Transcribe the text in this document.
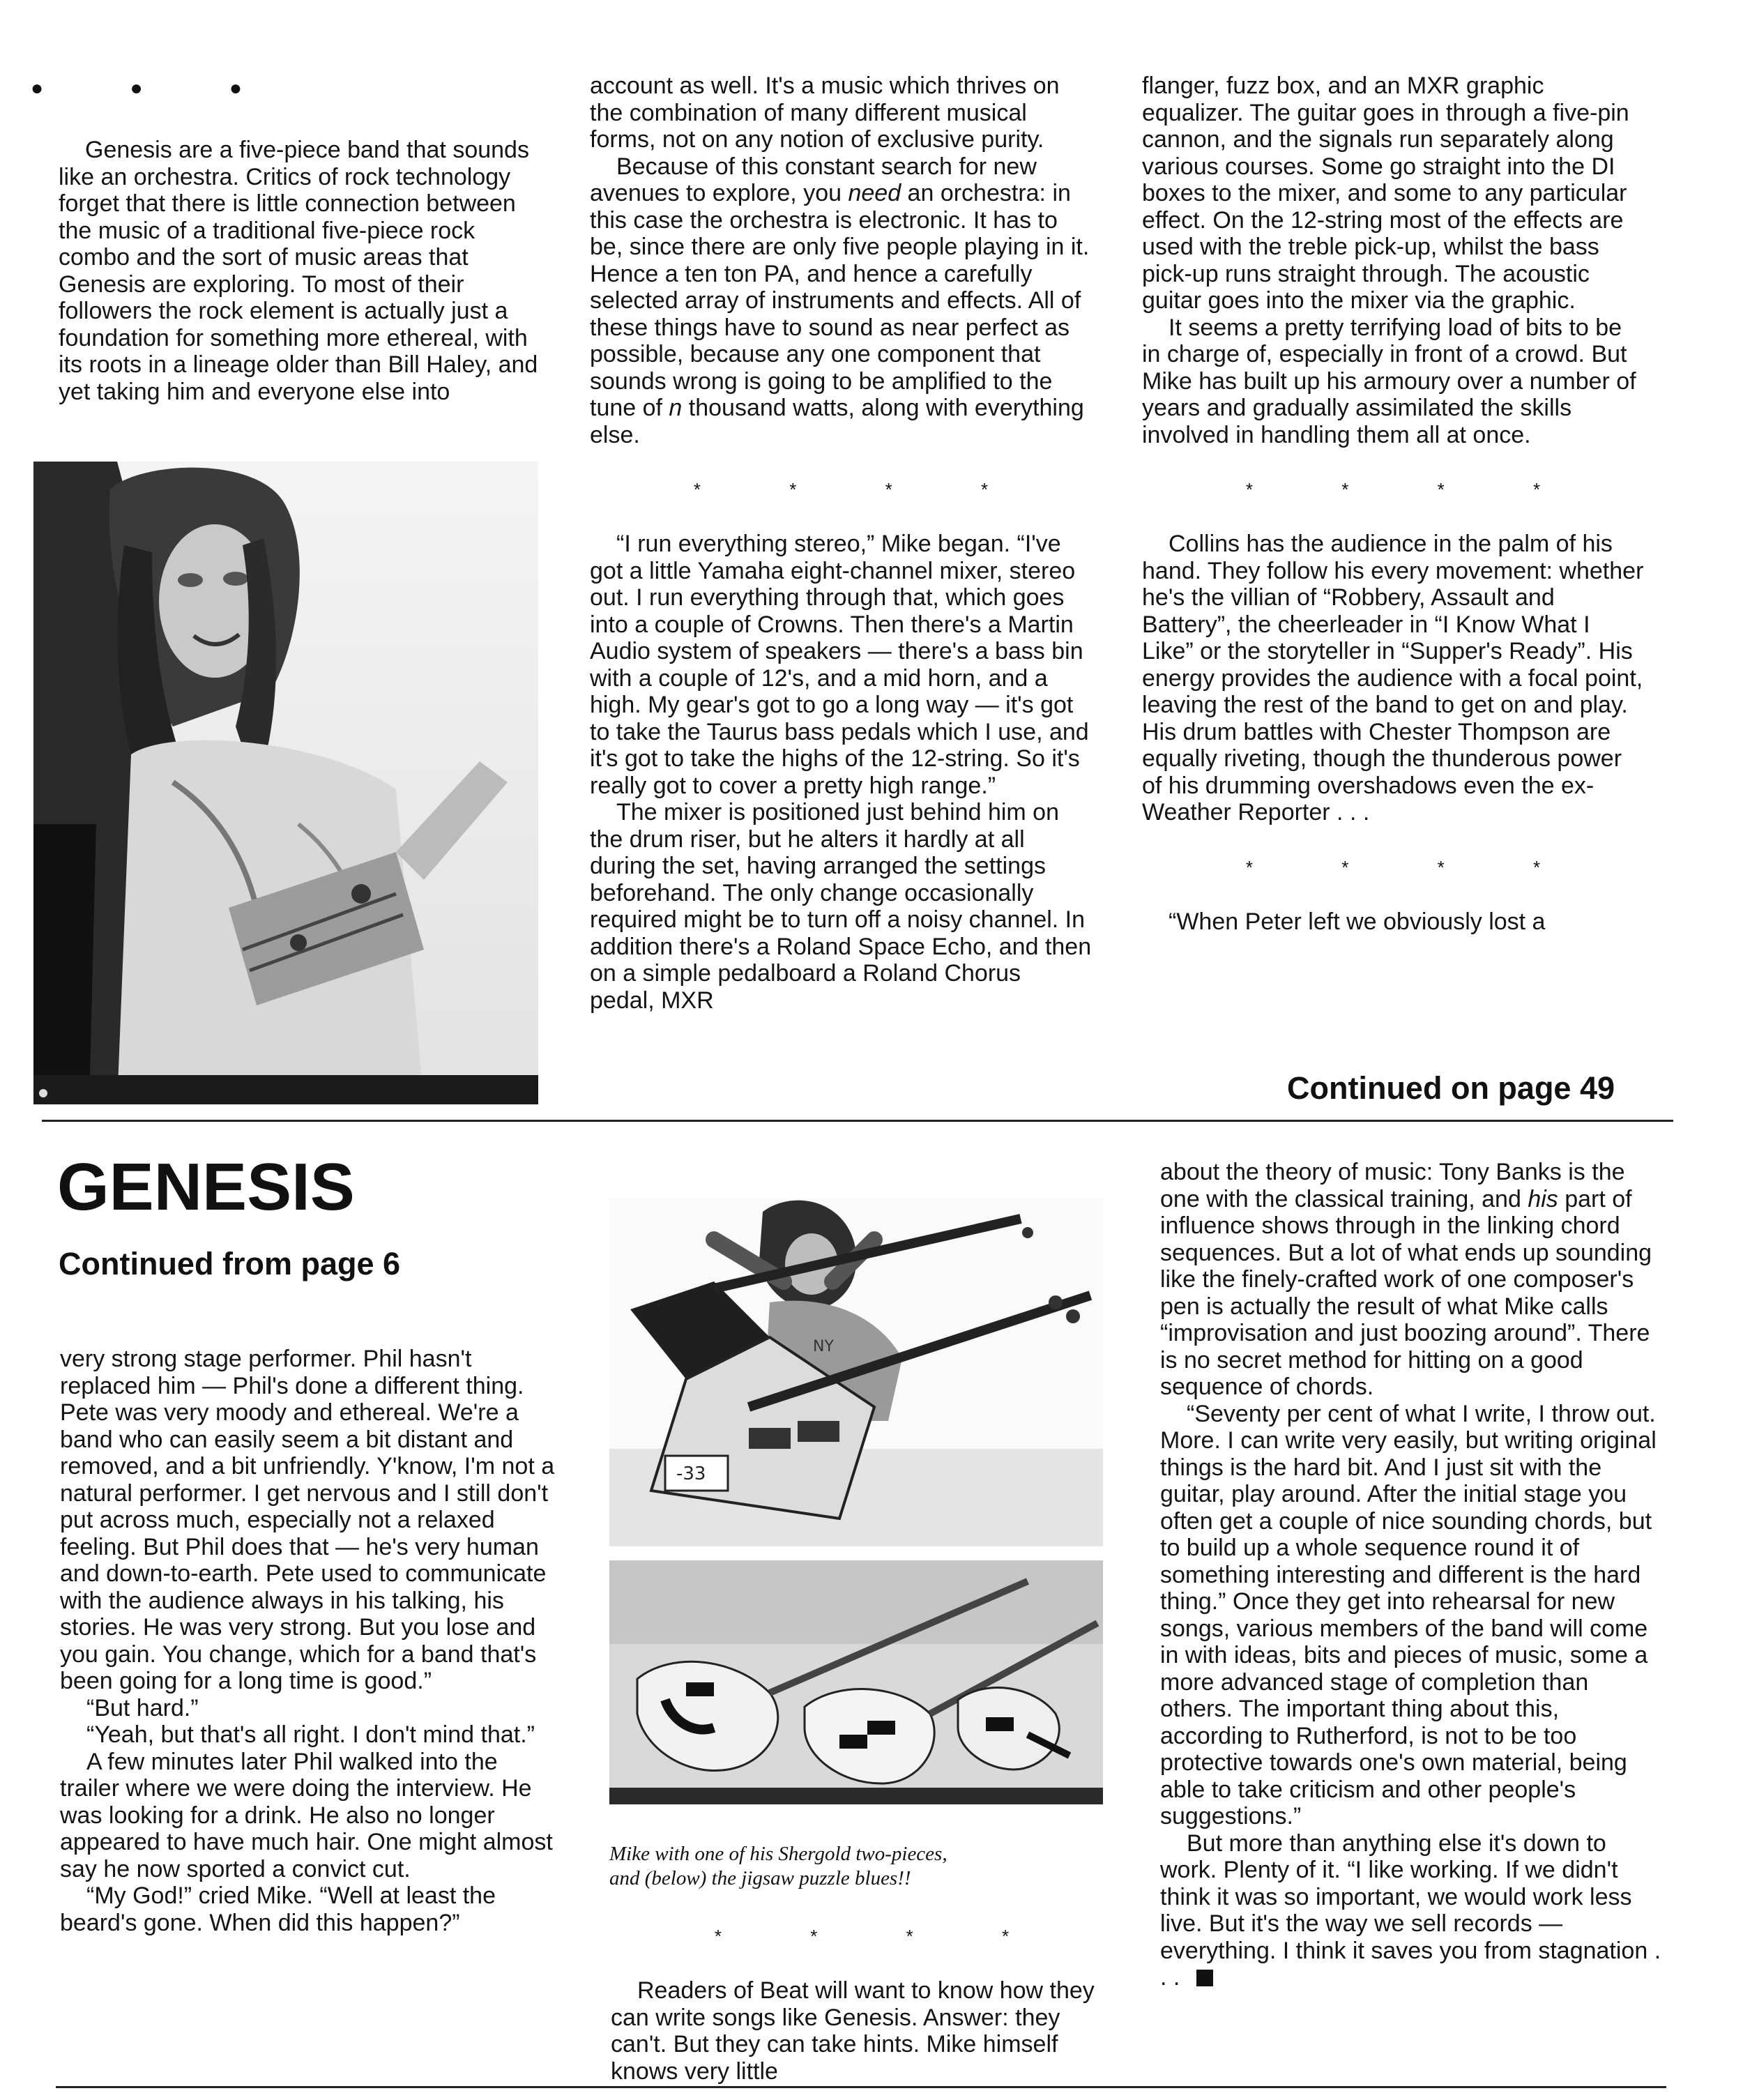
● ● ●

Genesis are a five-piece band that sounds like an orchestra. Critics of rock technology forget that there is little connection between the music of a traditional five-piece rock combo and the sort of music areas that Genesis are exploring. To most of their followers the rock element is actually just a foundation for something more ethereal, with its roots in a lineage older than Bill Haley, and yet taking him and everyone else into

account as well. It's a music which thrives on the combination of many different musical forms, not on any notion of exclusive purity.

Because of this constant search for new avenues to explore, you need an orchestra: in this case the orchestra is electronic. It has to be, since there are only five people playing in it. Hence a ten ton PA, and hence a carefully selected array of instruments and effects. All of these things have to sound as near perfect as possible, because any one component that sounds wrong is going to be amplified to the tune of n thousand watts, along with everything else.

* * * *

“I run everything stereo,” Mike began. “I've got a little Yamaha eight-channel mixer, stereo out. I run everything through that, which goes into a couple of Crowns. Then there's a Martin Audio system of speakers — there's a bass bin with a couple of 12's, and a mid horn, and a high. My gear's got to go a long way — it's got to take the Taurus bass pedals which I use, and it's got to take the highs of the 12-string. So it's really got to cover a pretty high range.”

The mixer is positioned just behind him on the drum riser, but he alters it hardly at all during the set, having arranged the settings beforehand. The only change occasionally required might be to turn off a noisy channel. In addition there's a Roland Space Echo, and then on a simple pedalboard a Roland Chorus pedal, MXR

flanger, fuzz box, and an MXR graphic equalizer. The guitar goes in through a five-pin cannon, and the signals run separately along various courses. Some go straight into the DI boxes to the mixer, and some to any particular effect. On the 12-string most of the effects are used with the treble pick-up, whilst the bass pick-up runs straight through. The acoustic guitar goes into the mixer via the graphic.

It seems a pretty terrifying load of bits to be in charge of, especially in front of a crowd. But Mike has built up his armoury over a number of years and gradually assimilated the skills involved in handling them all at once.

* * * *

Collins has the audience in the palm of his hand. They follow his every movement: whether he's the villian of “Robbery, Assault and Battery”, the cheerleader in “I Know What I Like” or the storyteller in “Supper's Ready”. His energy provides the audience with a focal point, leaving the rest of the band to get on and play. His drum battles with Chester Thompson are equally riveting, though the thunderous power of his drumming overshadows even the ex-Weather Reporter . . .

* * * *

“When Peter left we obviously lost a

Continued on page 49
GENESIS
Continued from page 6

very strong stage performer. Phil hasn't replaced him — Phil's done a different thing. Pete was very moody and ethereal. We're a band who can easily seem a bit distant and removed, and a bit unfriendly. Y'know, I'm not a natural performer. I get nervous and I still don't put across much, especially not a relaxed feeling. But Phil does that — he's very human and down-to-earth. Pete used to communicate with the audience always in his talking, his stories. He was very strong. But you lose and you gain. You change, which for a band that's been going for a long time is good.”

“But hard.”

“Yeah, but that's all right. I don't mind that.”

A few minutes later Phil walked into the trailer where we were doing the interview. He was looking for a drink. He also no longer appeared to have much hair. One might almost say he now sported a convict cut.

“My God!” cried Mike. “Well at least the beard's gone. When did this happen?”

NY
-33
Mike with one of his Shergold two-pieces,
and (below) the jigsaw puzzle blues!!
* * * *

Readers of Beat will want to know how they can write songs like Genesis. Answer: they can't. But they can take hints. Mike himself knows very little

about the theory of music: Tony Banks is the one with the classical training, and his part of influence shows through in the linking chord sequences. But a lot of what ends up sounding like the finely-crafted work of one composer's pen is actually the result of what Mike calls “improvisation and just boozing around”. There is no secret method for hitting on a good sequence of chords.

“Seventy per cent of what I write, I throw out. More. I can write very easily, but writing original things is the hard bit. And I just sit with the guitar, play around. After the initial stage you often get a couple of nice sounding chords, but to build up a whole sequence round it of something interesting and different is the hard thing.” Once they get into rehearsal for new songs, various members of the band will come in with ideas, bits and pieces of music, some a more advanced stage of completion than others. The important thing about this, according to Rutherford, is not to be too protective towards one's own material, being able to take criticism and other people's suggestions.”

But more than anything else it's down to work. Plenty of it. “I like working. If we didn't think it was so important, we would work less live. But it's the way we sell records — everything. I think it saves you from stagnation . . .
